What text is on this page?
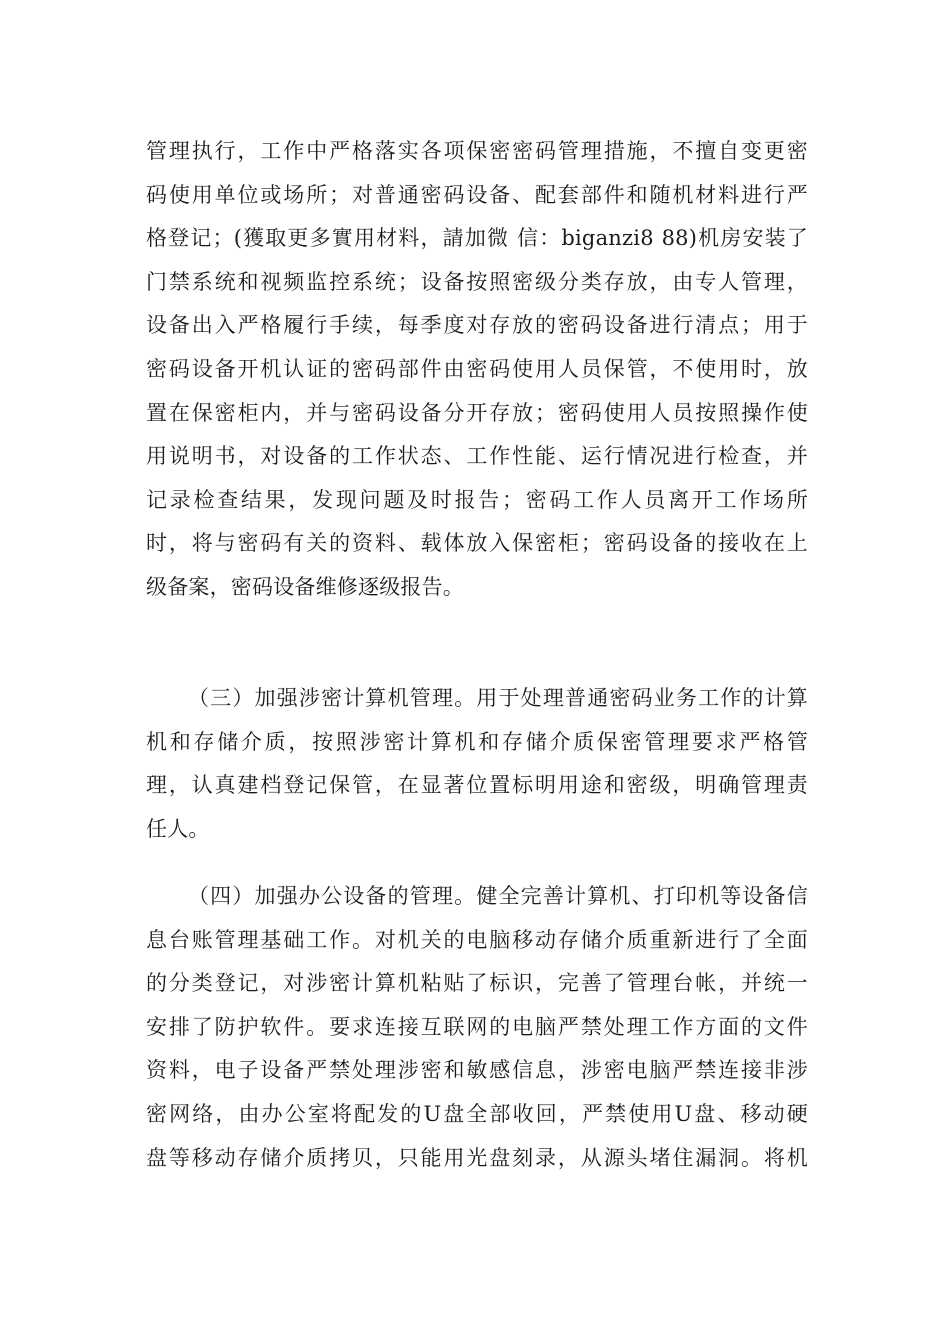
管理执行，工作中严格落实各项保密密码管理措施，不擅自变更密
码使用单位或场所；对普通密码设备、配套部件和随机材料进行严
格登记；(獲取更多實用材料，請加微 信：biganzi8 88)机房安装了
门禁系统和视频监控系统；设备按照密级分类存放，由专人管理，
设备出入严格履行手续，每季度对存放的密码设备进行清点；用于
密码设备开机认证的密码部件由密码使用人员保管，不使用时，放
置在保密柜内，并与密码设备分开存放；密码使用人员按照操作使
用说明书，对设备的工作状态、工作性能、运行情况进行检查，并
记录检查结果，发现问题及时报告；密码工作人员离开工作场所
时，将与密码有关的资料、载体放入保密柜；密码设备的接收在上
级备案，密码设备维修逐级报告。
（三）加强涉密计算机管理。用于处理普通密码业务工作的计算
机和存储介质，按照涉密计算机和存储介质保密管理要求严格管
理，认真建档登记保管，在显著位置标明用途和密级，明确管理责
任人。
（四）加强办公设备的管理。健全完善计算机、打印机等设备信
息台账管理基础工作。对机关的电脑移动存储介质重新进行了全面
的分类登记，对涉密计算机粘贴了标识，完善了管理台帐，并统一
安排了防护软件。要求连接互联网的电脑严禁处理工作方面的文件
资料，电子设备严禁处理涉密和敏感信息，涉密电脑严禁连接非涉
密网络，由办公室将配发的U盘全部收回，严禁使用U盘、移动硬
盘等移动存储介质拷贝，只能用光盘刻录，从源头堵住漏洞。将机
